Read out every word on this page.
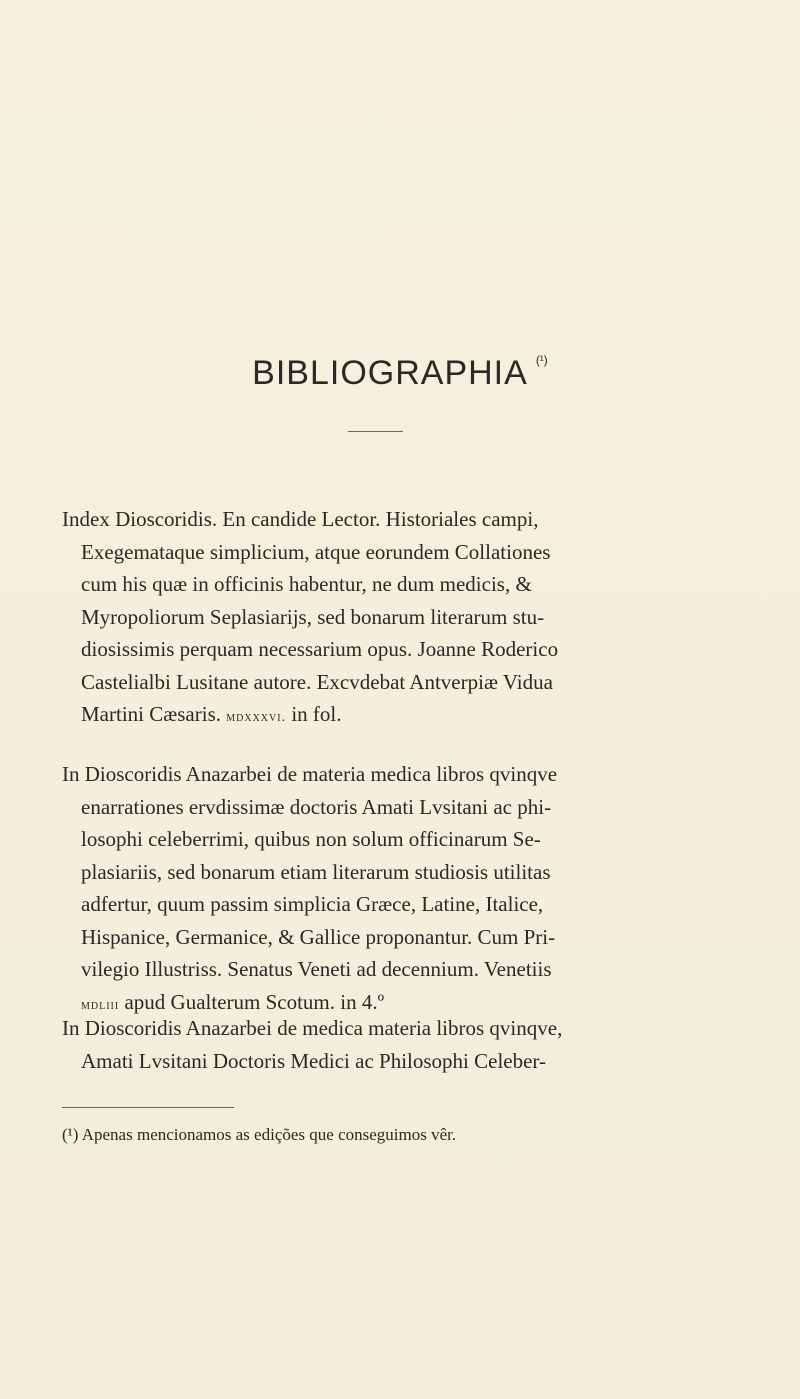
BIBLIOGRAPHIA $^{(^1)}$

Index Dioscoridis. En candide Lector. Historiales campi,
Exegemataque simplicium, atque eorundem Collationes
cum his quæ in officinis habentur, ne dum medicis, &
Myropoliorum Seplasiarijs, sed bonarum literarum stu-
diosissimis perquam necessarium opus. Joanne Roderico
Castelialbi Lusitane autore. Excvdebat Antverpiæ Vidua
Martini Cæsaris. mdxxxvi. in fol.

In Dioscoridis Anazarbei de materia medica libros qvinqve
enarrationes ervdissimæ doctoris Amati Lvsitani ac phi-
losophi celeberrimi, quibus non solum officinarum Se-
plasiariis, sed bonarum etiam literarum studiosis utilitas
adfertur, quum passim simplicia Græce, Latine, Italice,
Hispanice, Germanice, & Gallice proponantur. Cum Pri-
vilegio Illustriss. Senatus Veneti ad decennium. Venetiis
mdliii apud Gualterum Scotum. in 4.º

In Dioscoridis Anazarbei de medica materia libros qvinqve,
Amati Lvsitani Doctoris Medici ac Philosophi Celeber-

(¹) Apenas mencionamos as edições que conseguimos vêr.
